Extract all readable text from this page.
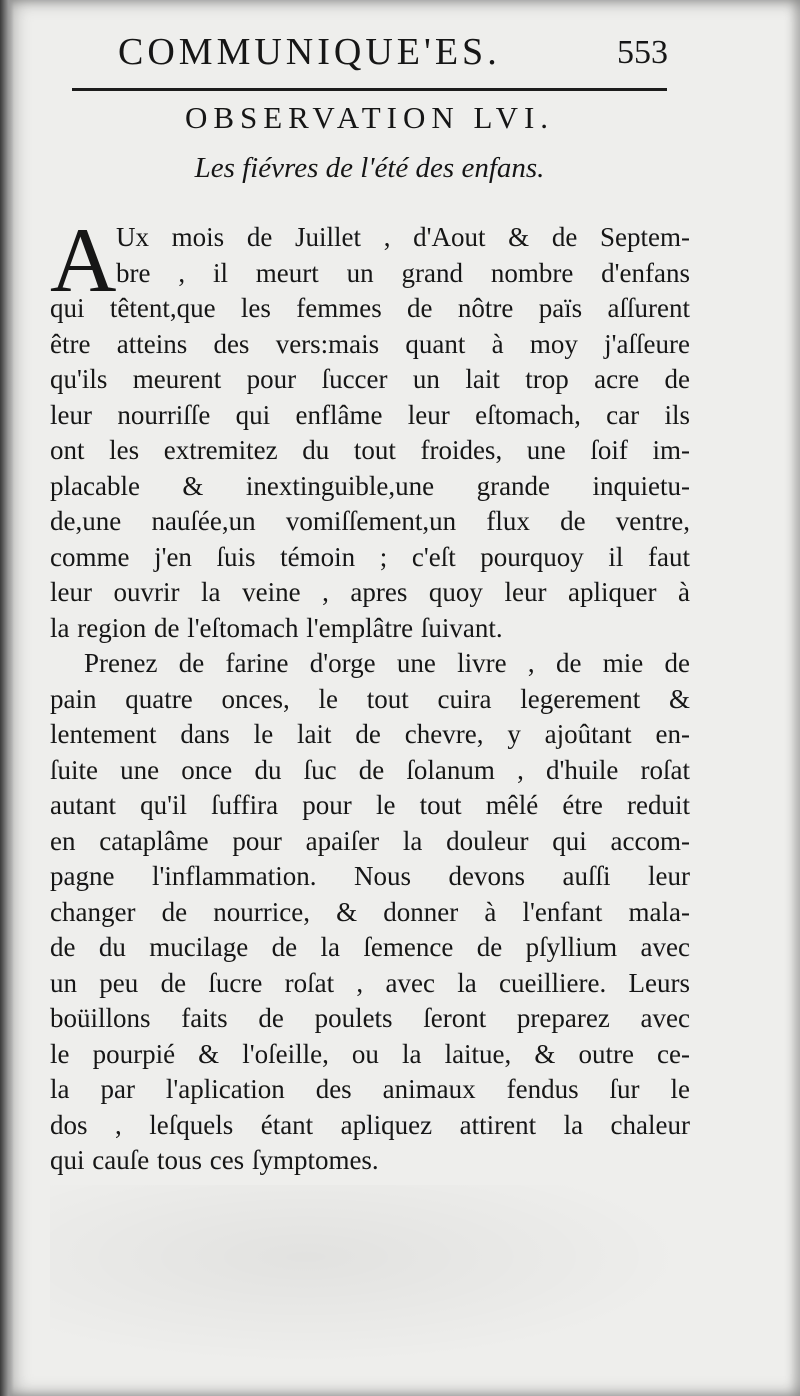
COMMUNIQUE'ES.	553
OBSERVATION LVI.
Les fiévres de l'été des enfans.
A Ux mois de Juillet , d'Aout & de Septem-
bre , il meurt un grand nombre d'enfans
qui têtent,que les femmes de nôtre païs aſſurent
être atteins des vers:mais quant à moy j'aſſeure
qu'ils meurent pour ſuccer un lait trop acre de
leur nourriſſe qui enflâme leur eſtomach, car ils
ont les extremitez du tout froides, une ſoif im-
placable & inextinguible,une grande inquietu-
de,une nauſée,un vomiſſement,un flux de ventre,
comme j'en ſuis témoin ; c'eſt pourquoy il faut
leur ouvrir la veine , apres quoy leur apliquer à
la region de l'eſtomach l'emplâtre ſuivant.
Prenez de farine d'orge une livre , de mie de
pain quatre onces, le tout cuira legerement &
lentement dans le lait de chevre, y ajoûtant en-
ſuite une once du ſuc de ſolanum , d'huile roſat
autant qu'il ſuffira pour le tout mêlé étre reduit
en cataplâme pour apaiſer la douleur qui accom-
pagne l'inflammation. Nous devons auſſi leur
changer de nourrice, & donner à l'enfant mala-
de du mucilage de la ſemence de pſyllium avec
un peu de ſucre roſat , avec la cueilliere. Leurs
boüillons faits de poulets ſeront preparez avec
le pourpié & l'oſeille, ou la laitue, & outre ce-
la par l'aplication des animaux fendus ſur le
dos , leſquels étant apliquez attirent la chaleur
qui cauſe tous ces ſymptomes.
